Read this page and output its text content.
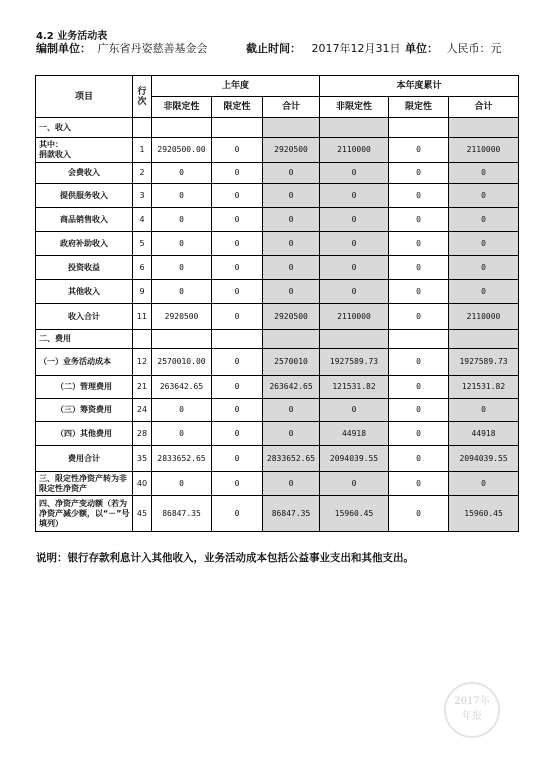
4.2 业务活动表
编制单位： 广东省丹姿慈善基金会	截止时间： 2017年12月31日 单位： 人民币：元
项目	行次	上年度			本年度累计		
		非限定性	限定性	合计	非限定性	限定性	合计
一、收入							
其中：
捐款收入	1	2920500.00	0	2920500	2110000	0	2110000
会费收入	2	0	0	0	0	0	0
提供服务收入	3	0	0	0	0	0	0
商品销售收入	4	0	0	0	0	0	0
政府补助收入	5	0	0	0	0	0	0
投资收益	6	0	0	0	0	0	0
其他收入	9	0	0	0	0	0	0
收入合计	11	2920500	0	2920500	2110000	0	2110000
二、费用							
（一）业务活动成本	12	2570010.00	0	2570010	1927589.73	0	1927589.73
（二）管理费用	21	263642.65	0	263642.65	121531.82	0	121531.82
（三）筹资费用	24	0	0	0	0	0	0
（四）其他费用	28	0	0	0	44918	0	44918
费用合计	35	2833652.65	0	2833652.65	2094039.55	0	2094039.55
三、限定性净资产转为非限定性净资产	40	0	0	0	0	0	0
四、净资产变动额（若为净资产减少额，以“－”号填列）	45	86847.35	0	86847.35	15960.45	0	15960.45
说明：银行存款利息计入其他收入，业务活动成本包括公益事业支出和其他支出。
2017年
年报
